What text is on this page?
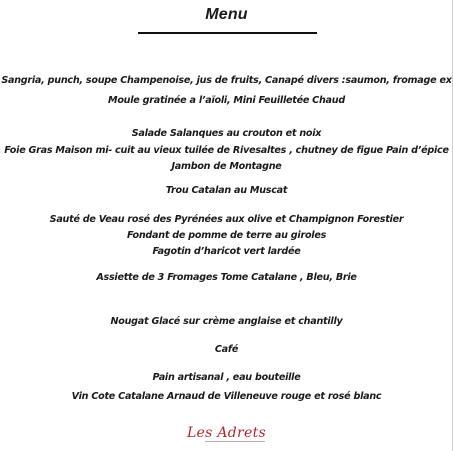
Menu
Sangria, punch, soupe Champenoise, jus de fruits, Canapé divers :saumon, fromage ex
Moule gratinée a l’aïoli, Mini Feuilletée Chaud
Salade Salanques au crouton et noix
Foie Gras Maison mi- cuit au vieux tuilée de Rivesaltes , chutney de figue Pain d’épice
Jambon de Montagne
Trou Catalan au Muscat
Sauté de Veau rosé des Pyrénées aux olive et Champignon Forestier
Fondant de pomme de terre au giroles
Fagotin d’haricot vert lardée
Assiette de 3 Fromages Tome Catalane , Bleu, Brie
Nougat Glacé sur crème anglaise et chantilly
Café
Pain artisanal , eau bouteille
Vin Cote Catalane Arnaud de Villeneuve rouge et rosé blanc
Les Adrets
